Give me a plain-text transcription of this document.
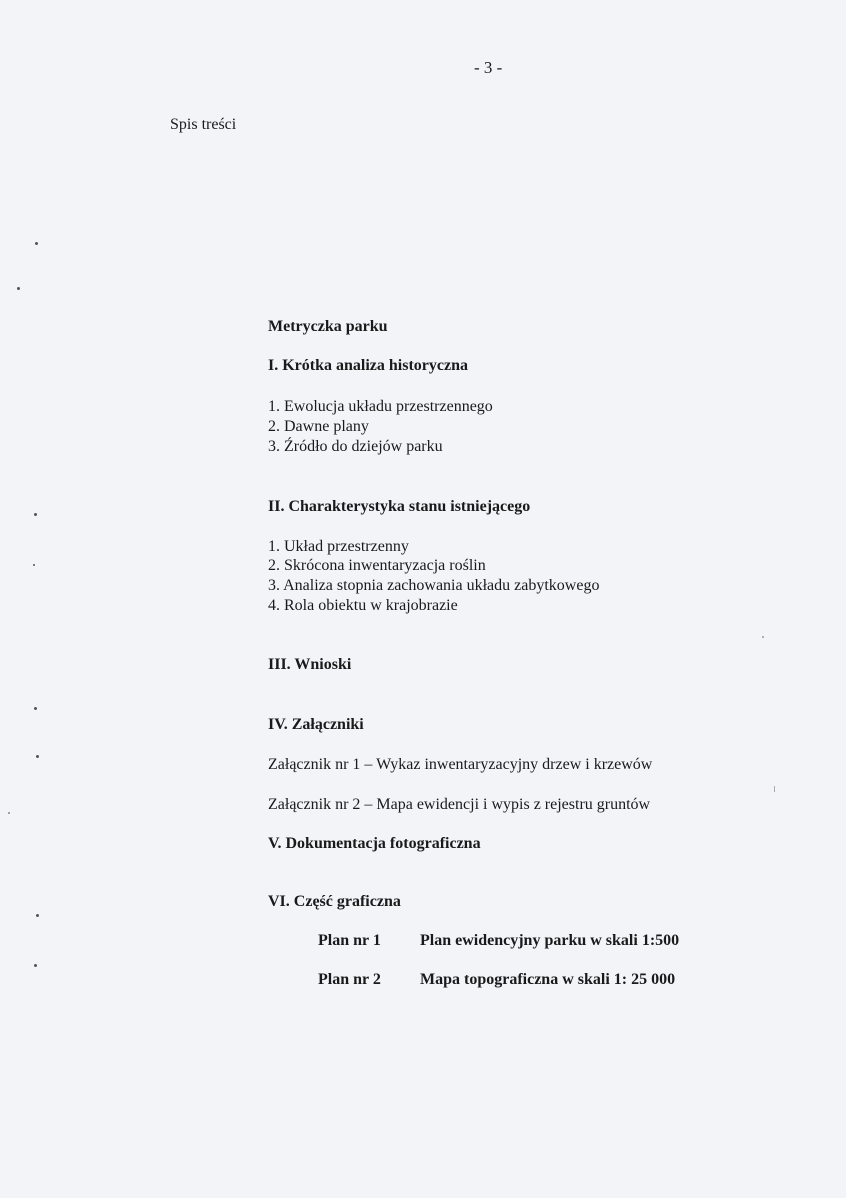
- 3 -
Spis treści
Metryczka parku
I. Krótka analiza historyczna
1. Ewolucja układu przestrzennego
2. Dawne plany
3. Źródło do dziejów parku
II. Charakterystyka stanu istniejącego
1. Układ przestrzenny
2. Skrócona inwentaryzacja roślin
3. Analiza stopnia zachowania układu zabytkowego
4. Rola obiektu w krajobrazie
III. Wnioski
IV. Załączniki
Załącznik nr 1 – Wykaz inwentaryzacyjny drzew i krzewów
Załącznik nr 2 – Mapa ewidencji i wypis z rejestru gruntów
V. Dokumentacja fotograficzna
VI. Część graficzna
Plan nr 1 Plan ewidencyjny parku w skali 1:500
Plan nr 2 Mapa topograficzna w skali 1: 25 000
